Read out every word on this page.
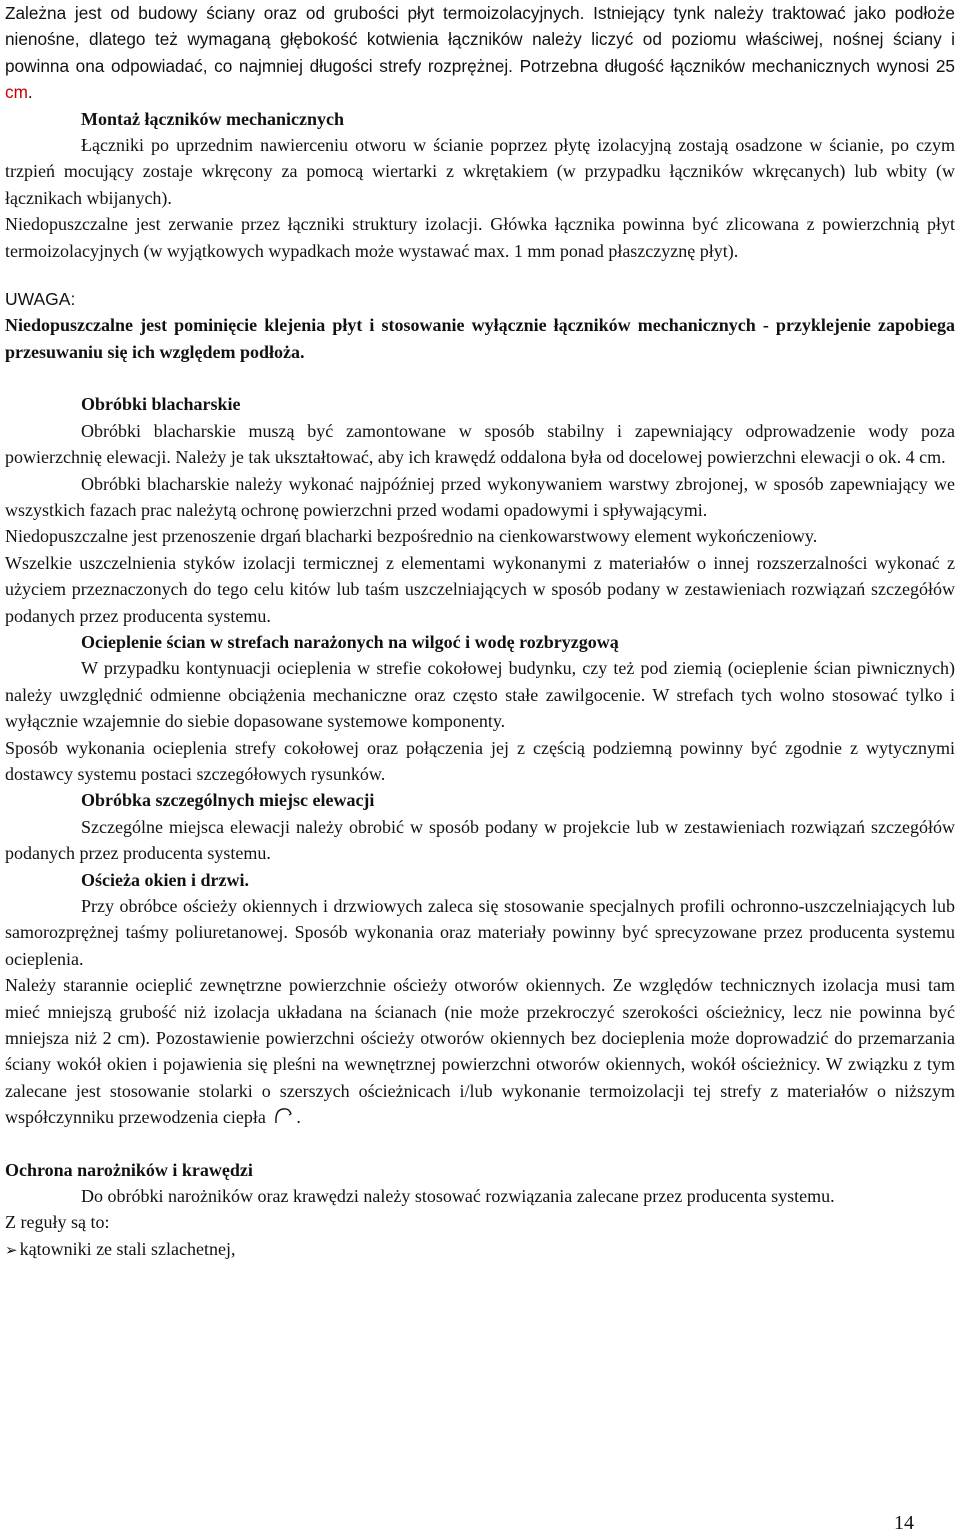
Zależna jest od budowy ściany oraz od grubości płyt termoizolacyjnych. Istniejący tynk należy traktować jako podłoże nienośne, dlatego też wymaganą głębokość kotwienia łączników należy liczyć od poziomu właściwej, nośnej ściany i powinna ona odpowiadać, co najmniej długości strefy rozprężnej. Potrzebna długość łączników mechanicznych wynosi 25 cm.

Montaż łączników mechanicznych

Łączniki po uprzednim nawierceniu otworu w ścianie poprzez płytę izolacyjną zostają osadzone w ścianie, po czym trzpień mocujący zostaje wkręcony za pomocą wiertarki z wkrętakiem (w przypadku łączników wkręcanych) lub wbity (w łącznikach wbijanych).

Niedopuszczalne jest zerwanie przez łączniki struktury izolacji. Główka łącznika powinna być zlicowana z powierzchnią płyt termoizolacyjnych (w wyjątkowych wypadkach może wystawać max. 1 mm ponad płaszczyznę płyt).

UWAGA:

Niedopuszczalne jest pominięcie klejenia płyt i stosowanie wyłącznie łączników mechanicznych - przyklejenie zapobiega przesuwaniu się ich względem podłoża.

Obróbki blacharskie

Obróbki blacharskie muszą być zamontowane w sposób stabilny i zapewniający odprowadzenie wody poza powierzchnię elewacji. Należy je tak ukształtować, aby ich krawędź oddalona była od docelowej powierzchni elewacji o ok. 4 cm.

Obróbki blacharskie należy wykonać najpóźniej przed wykonywaniem warstwy zbrojonej, w sposób zapewniający we wszystkich fazach prac należytą ochronę powierzchni przed wodami opadowymi i spływającymi.

Niedopuszczalne jest przenoszenie drgań blacharki bezpośrednio na cienkowarstwowy element wykończeniowy.

Wszelkie uszczelnienia styków izolacji termicznej z elementami wykonanymi z materiałów o innej rozszerzalności wykonać z użyciem przeznaczonych do tego celu kitów lub taśm uszczelniających w sposób podany w zestawieniach rozwiązań szczegółów podanych przez producenta systemu.

Ocieplenie ścian w strefach narażonych na wilgoć i wodę rozbryzgową

W przypadku kontynuacji ocieplenia w strefie cokołowej budynku, czy też pod ziemią (ocieplenie ścian piwnicznych) należy uwzględnić odmienne obciążenia mechaniczne oraz często stałe zawilgocenie. W strefach tych wolno stosować tylko i wyłącznie wzajemnie do siebie dopasowane systemowe komponenty.

Sposób wykonania ocieplenia strefy cokołowej oraz połączenia jej z częścią podziemną powinny być zgodnie z wytycznymi dostawcy systemu postaci szczegółowych rysunków.

Obróbka szczególnych miejsc elewacji

Szczególne miejsca elewacji należy obrobić w sposób podany w projekcie lub w zestawieniach rozwiązań szczegółów podanych przez producenta systemu.

Ościeża okien i drzwi.

Przy obróbce ościeży okiennych i drzwiowych zaleca się stosowanie specjalnych profili ochronno-uszczelniających lub samorozprężnej taśmy poliuretanowej. Sposób wykonania oraz materiały powinny być sprecyzowane przez producenta systemu ocieplenia.

Należy starannie ocieplić zewnętrzne powierzchnie ościeży otworów okiennych. Ze względów technicznych izolacja musi tam mieć mniejszą grubość niż izolacja układana na ścianach (nie może przekroczyć szerokości ościeżnicy, lecz nie powinna być mniejsza niż 2 cm). Pozostawienie powierzchni ościeży otworów okiennych bez docieplenia może doprowadzić do przemarzania ściany wokół okien i pojawienia się pleśni na wewnętrznej powierzchni otworów okiennych, wokół ościeżnicy. W związku z tym zalecane jest stosowanie stolarki o szerszych ościeżnicach i/lub wykonanie termoizolacji tej strefy z materiałów o niższym współczynniku przewodzenia ciepła .

Ochrona narożników i krawędzi

Do obróbki narożników oraz krawędzi należy stosować rozwiązania zalecane przez producenta systemu.

Z reguły są to:

➢ kątowniki ze stali szlachetnej,

14
